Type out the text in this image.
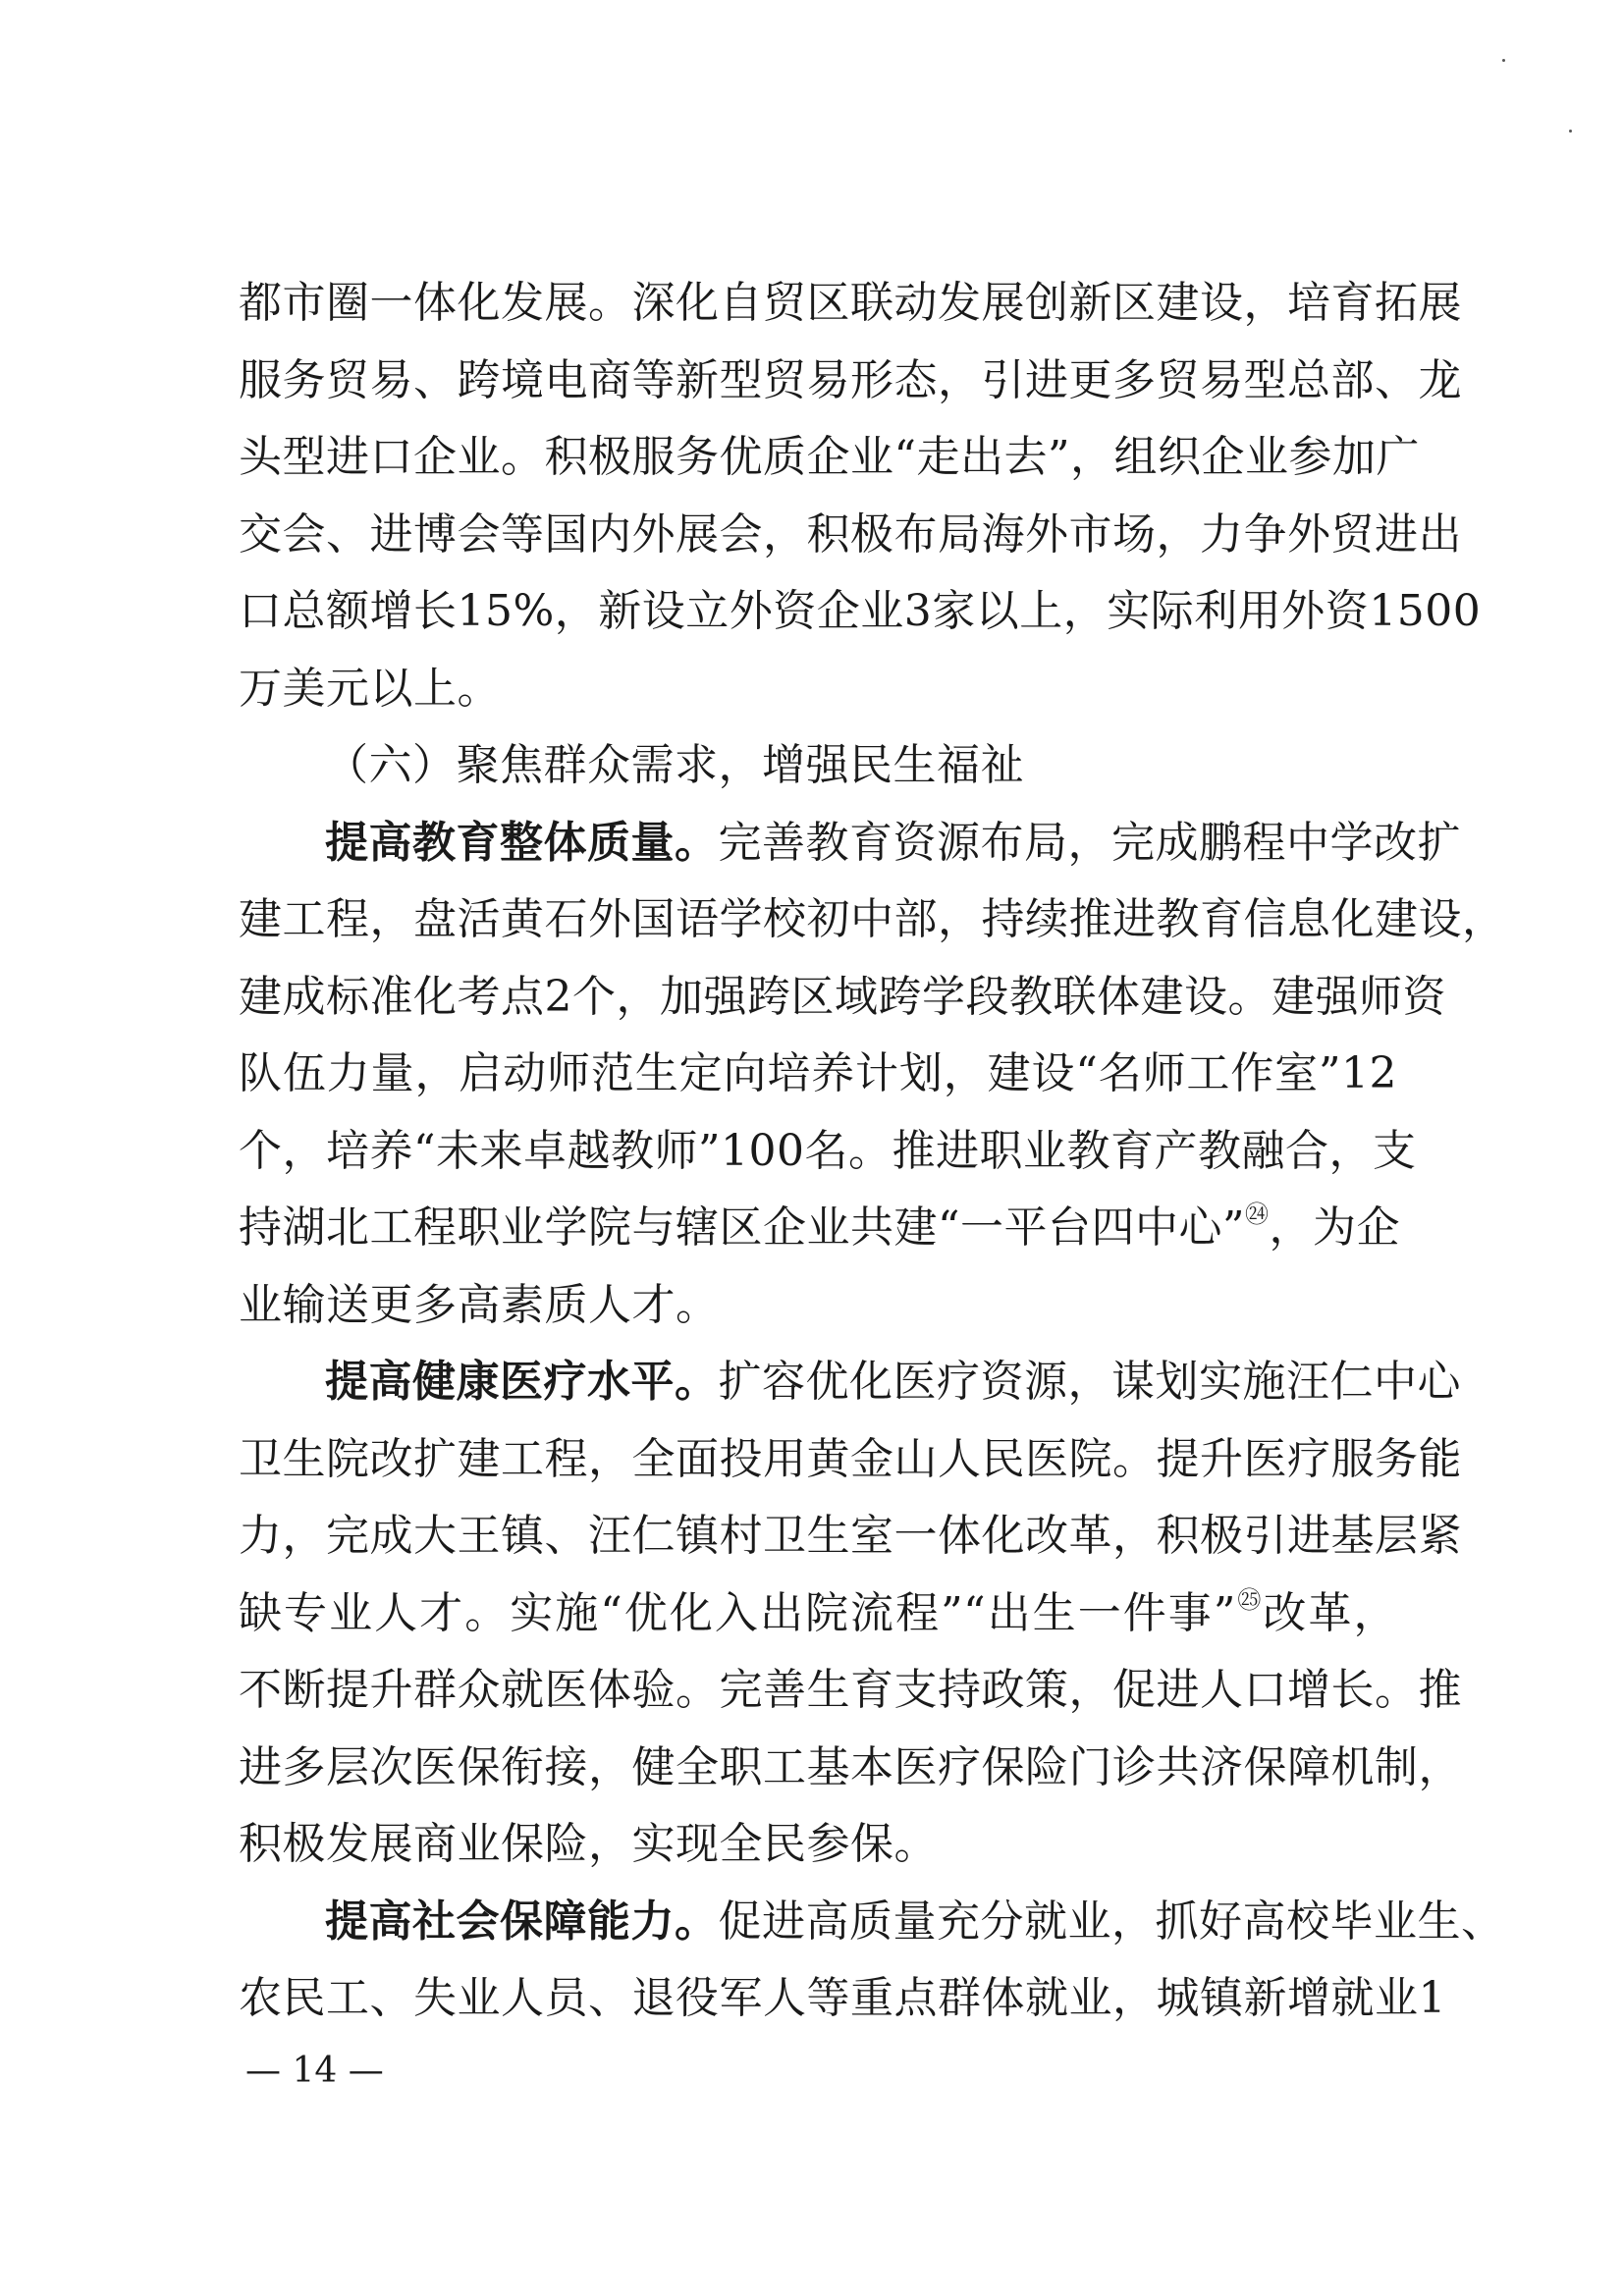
都市圈一体化发展。深化自贸区联动发展创新区建设，培育拓展
服务贸易、跨境电商等新型贸易形态，引进更多贸易型总部、龙
头型进口企业。积极服务优质企业“走出去”，组织企业参加广
交会、进博会等国内外展会，积极布局海外市场，力争外贸进出
口总额增长15%，新设立外资企业3家以上，实际利用外资1500
万美元以上。
（六）聚焦群众需求，增强民生福祉
提高教育整体质量。完善教育资源布局，完成鹏程中学改扩
建工程，盘活黄石外国语学校初中部，持续推进教育信息化建设，
建成标准化考点2个，加强跨区域跨学段教联体建设。建强师资
队伍力量，启动师范生定向培养计划，建设“名师工作室”12
个，培养“未来卓越教师”100名。推进职业教育产教融合，支
持湖北工程职业学院与辖区企业共建“一平台四中心”$^㉔$，为企
业输送更多高素质人才。
提高健康医疗水平。扩容优化医疗资源，谋划实施汪仁中心
卫生院改扩建工程，全面投用黄金山人民医院。提升医疗服务能
力，完成大王镇、汪仁镇村卫生室一体化改革，积极引进基层紧
缺专业人才。实施“优化入出院流程”“出生一件事”$^㉕$改革，
不断提升群众就医体验。完善生育支持政策，促进人口增长。推
进多层次医保衔接，健全职工基本医疗保险门诊共济保障机制，
积极发展商业保险，实现全民参保。
提高社会保障能力。促进高质量充分就业，抓好高校毕业生、
农民工、失业人员、退役军人等重点群体就业，城镇新增就业1
— 14 —
